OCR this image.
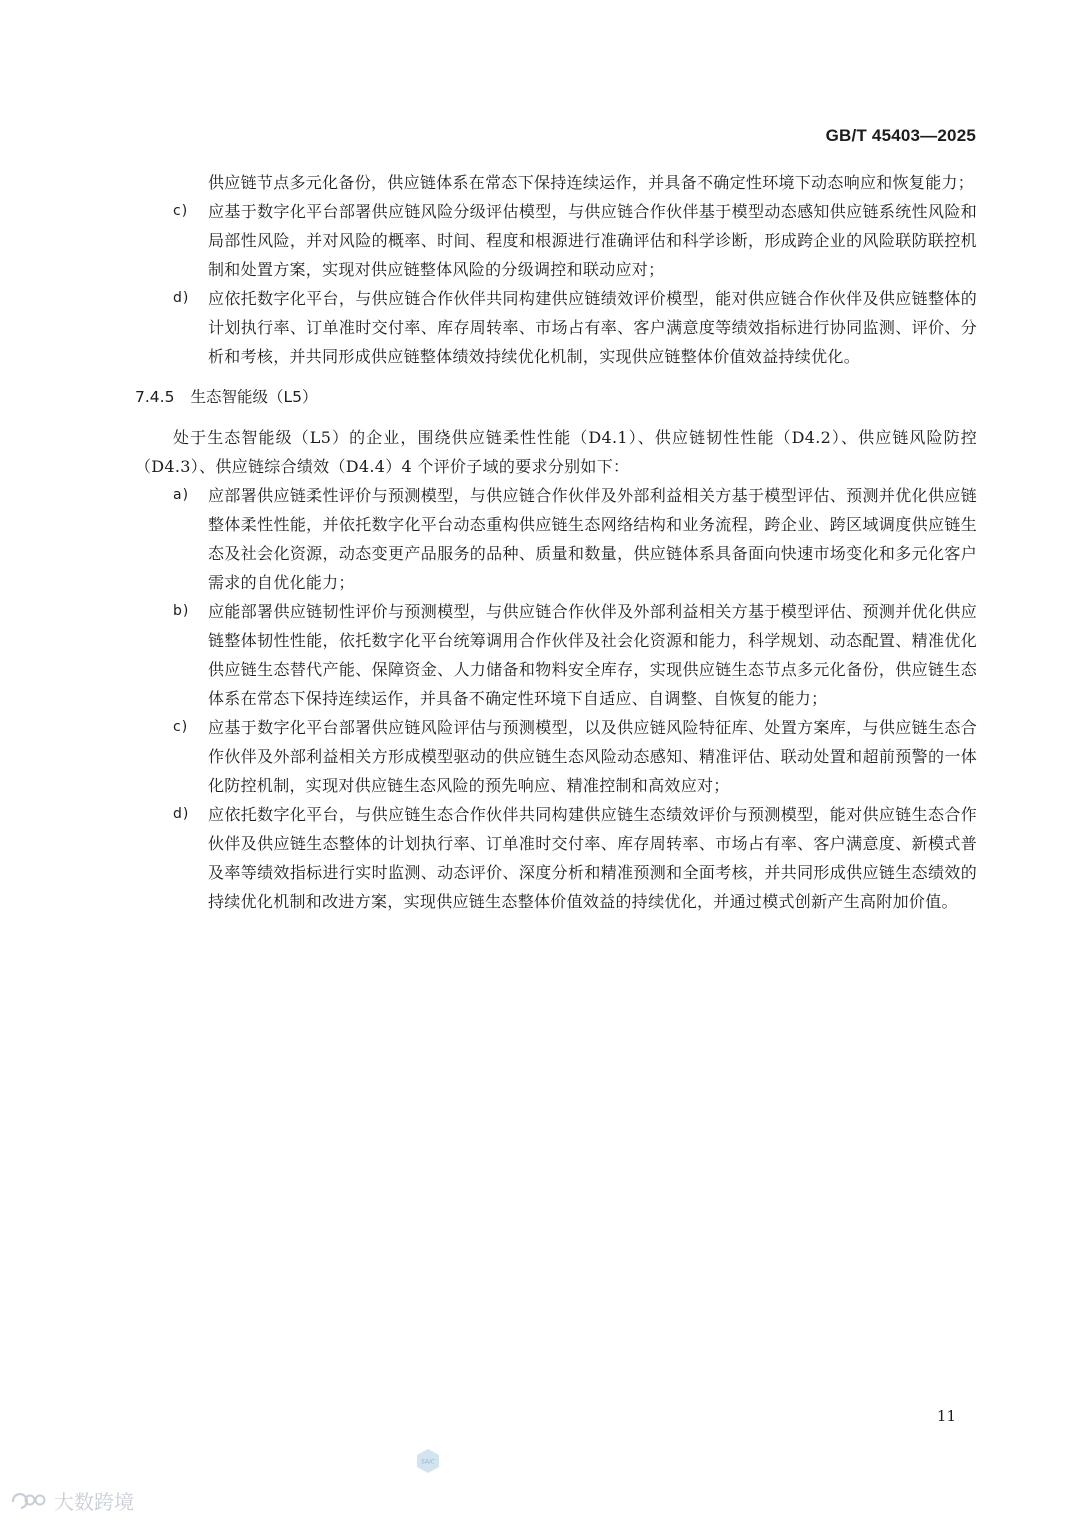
GB/T 45403—2025
供应链节点多元化备份，供应链体系在常态下保持连续运作，并具备不确定性环境下动态响应和恢复能力；
c) 应基于数字化平台部署供应链风险分级评估模型，与供应链合作伙伴基于模型动态感知供应链系统性风险和局部性风险，并对风险的概率、时间、程度和根源进行准确评估和科学诊断，形成跨企业的风险联防联控机制和处置方案，实现对供应链整体风险的分级调控和联动应对；
d) 应依托数字化平台，与供应链合作伙伴共同构建供应链绩效评价模型，能对供应链合作伙伴及供应链整体的计划执行率、订单准时交付率、库存周转率、市场占有率、客户满意度等绩效指标进行协同监测、评价、分析和考核，并共同形成供应链整体绩效持续优化机制，实现供应链整体价值效益持续优化。
7.4.5 生态智能级（L5）
处于生态智能级（L5）的企业，围绕供应链柔性性能（D4.1）、供应链韧性性能（D4.2）、供应链风险防控（D4.3）、供应链综合绩效（D4.4）4 个评价子域的要求分别如下：
a) 应部署供应链柔性评价与预测模型，与供应链合作伙伴及外部利益相关方基于模型评估、预测并优化供应链整体柔性性能，并依托数字化平台动态重构供应链生态网络结构和业务流程，跨企业、跨区域调度供应链生态及社会化资源，动态变更产品服务的品种、质量和数量，供应链体系具备面向快速市场变化和多元化客户需求的自优化能力；
b) 应能部署供应链韧性评价与预测模型，与供应链合作伙伴及外部利益相关方基于模型评估、预测并优化供应链整体韧性性能，依托数字化平台统筹调用合作伙伴及社会化资源和能力，科学规划、动态配置、精准优化供应链生态替代产能、保障资金、人力储备和物料安全库存，实现供应链生态节点多元化备份，供应链生态体系在常态下保持连续运作，并具备不确定性环境下自适应、自调整、自恢复的能力；
c) 应基于数字化平台部署供应链风险评估与预测模型，以及供应链风险特征库、处置方案库，与供应链生态合作伙伴及外部利益相关方形成模型驱动的供应链生态风险动态感知、精准评估、联动处置和超前预警的一体化防控机制，实现对供应链生态风险的预先响应、精准控制和高效应对；
d) 应依托数字化平台，与供应链生态合作伙伴共同构建供应链生态绩效评价与预测模型，能对供应链生态合作伙伴及供应链生态整体的计划执行率、订单准时交付率、库存周转率、市场占有率、客户满意度、新模式普及率等绩效指标进行实时监测、动态评价、深度分析和精准预测和全面考核，并共同形成供应链生态绩效的持续优化机制和改进方案，实现供应链生态整体价值效益的持续优化，并通过模式创新产生高附加价值。
11
SAIC
大数跨境
